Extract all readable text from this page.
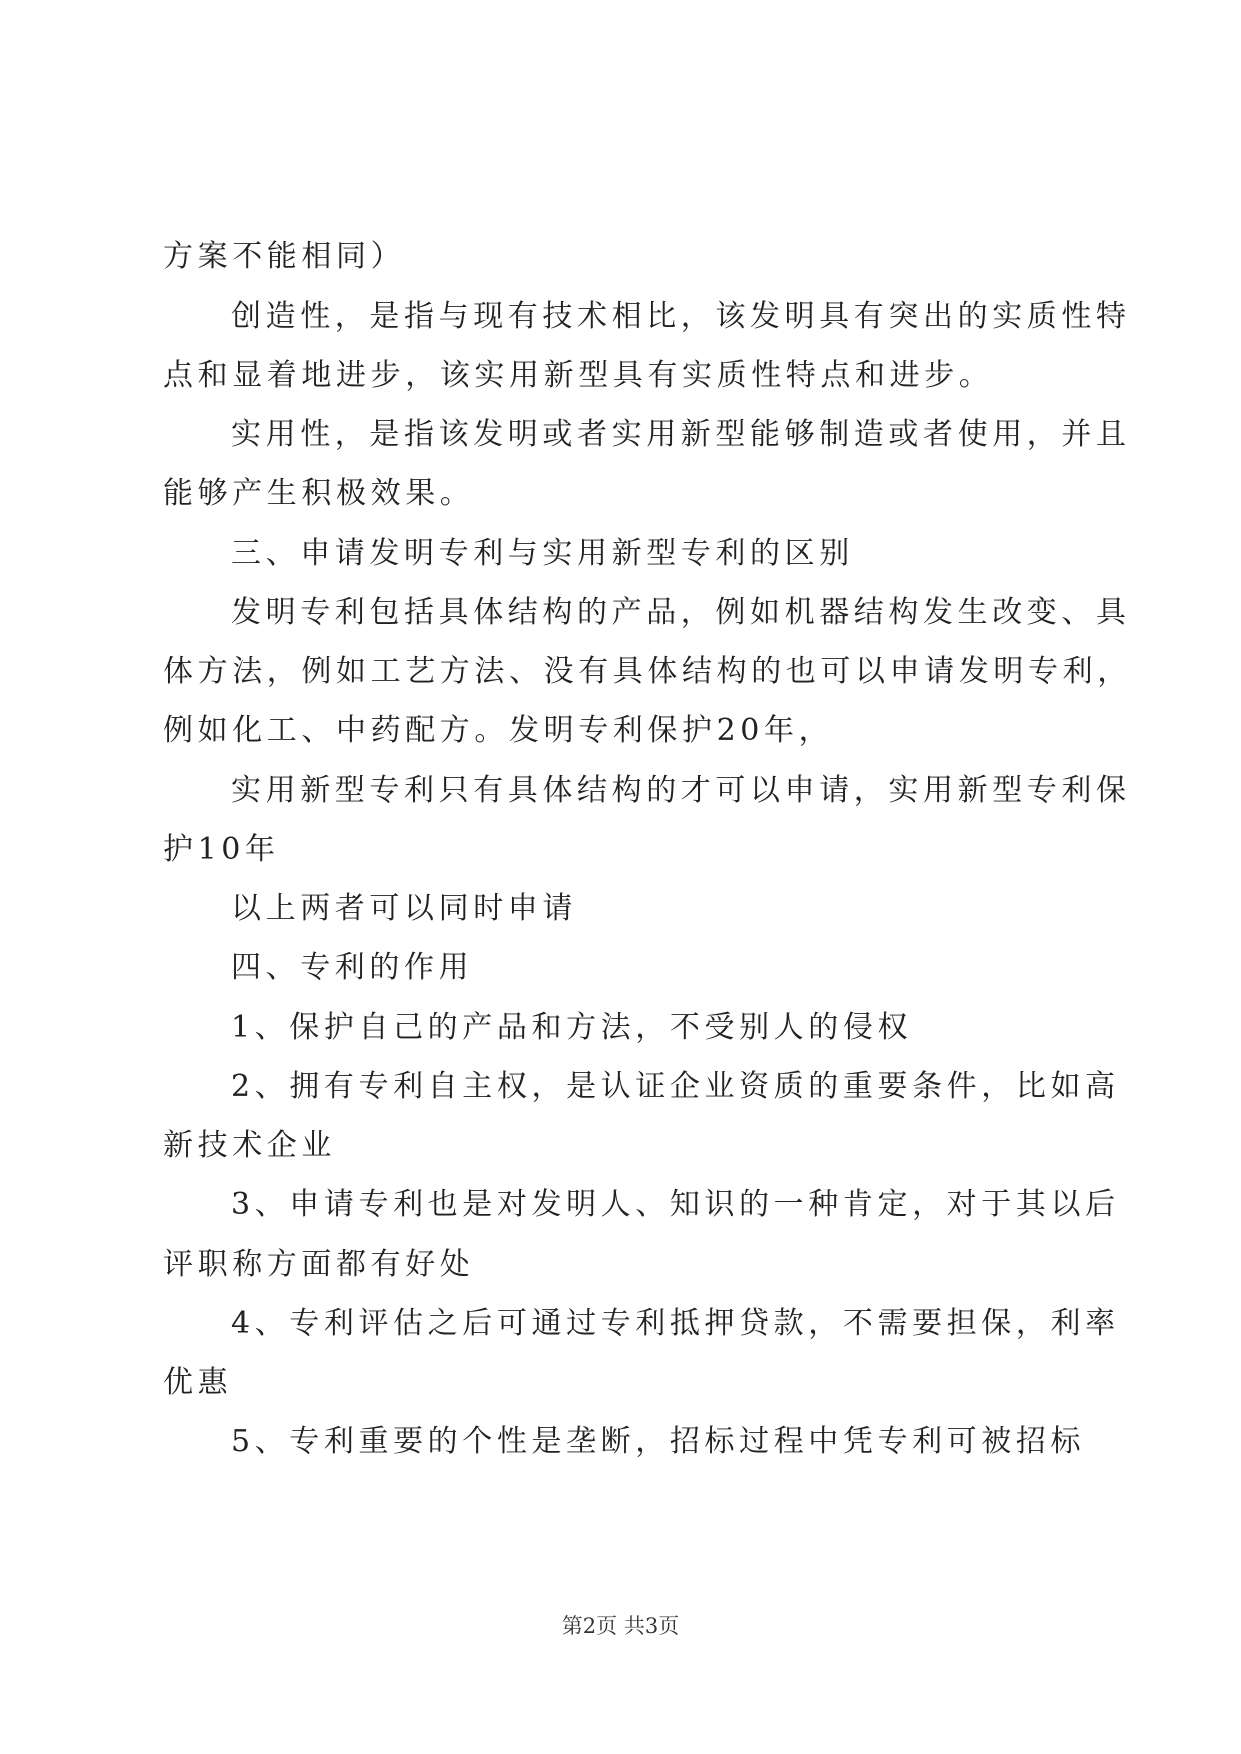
方案不能相同）
创造性，是指与现有技术相比，该发明具有突出的实质性特
点和显着地进步，该实用新型具有实质性特点和进步。
实用性，是指该发明或者实用新型能够制造或者使用，并且
能够产生积极效果。
三、申请发明专利与实用新型专利的区别
发明专利包括具体结构的产品，例如机器结构发生改变、具
体方法，例如工艺方法、没有具体结构的也可以申请发明专利，
例如化工、中药配方。发明专利保护20年，
实用新型专利只有具体结构的才可以申请，实用新型专利保
护10年
以上两者可以同时申请
四、专利的作用
1、保护自己的产品和方法，不受别人的侵权
2、拥有专利自主权，是认证企业资质的重要条件，比如高
新技术企业
3、申请专利也是对发明人、知识的一种肯定，对于其以后
评职称方面都有好处
4、专利评估之后可通过专利抵押贷款，不需要担保，利率
优惠
5、专利重要的个性是垄断，招标过程中凭专利可被招标
第2页 共3页
